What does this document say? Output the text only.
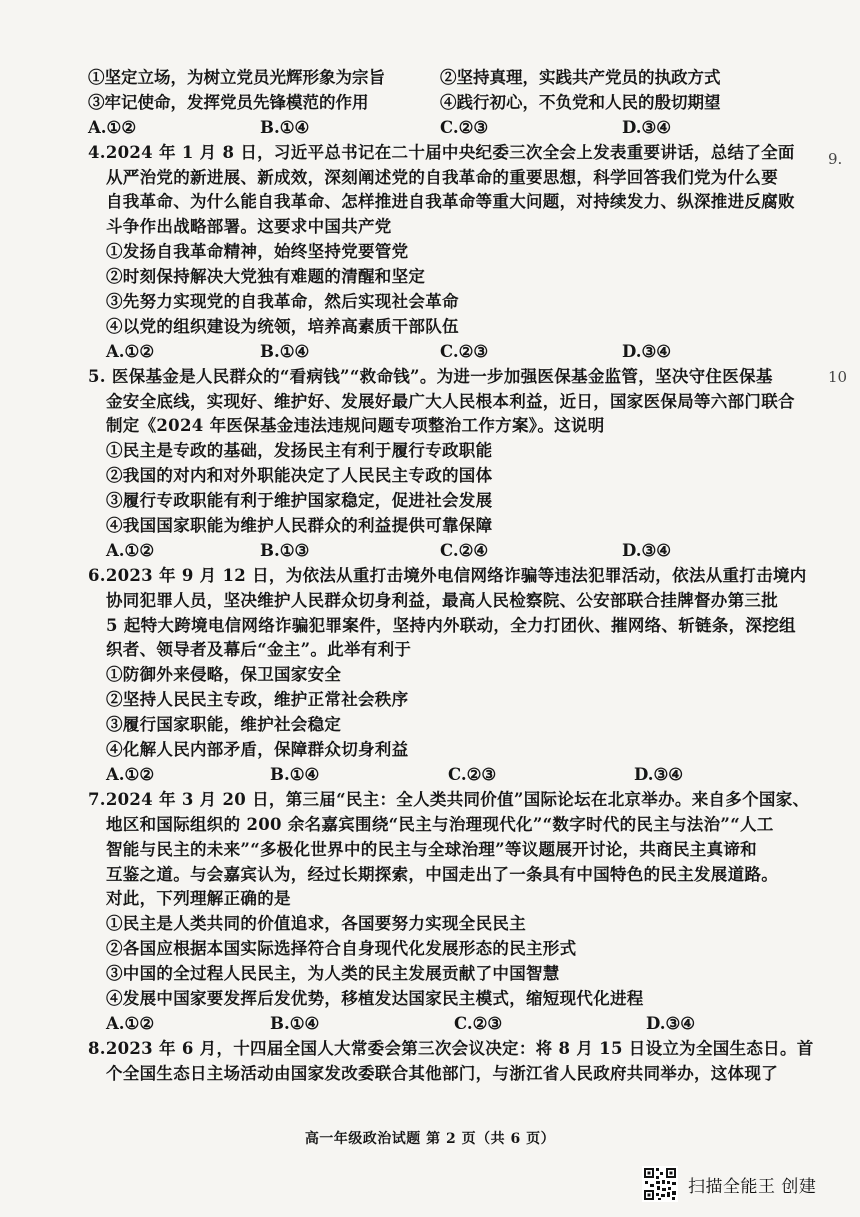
①坚定立场，为树立党员光辉形象为宗旨	②坚持真理，实践共产党员的执政方式
③牢记使命，发挥党员先锋模范的作用	④践行初心，不负党和人民的殷切期望
A.①②	B.①④	C.②③	D.③④
4.2024 年 1 月 8 日，习近平总书记在二十届中央纪委三次全会上发表重要讲话，总结了全面
从严治党的新进展、新成效，深刻阐述党的自我革命的重要思想，科学回答我们党为什么要
自我革命、为什么能自我革命、怎样推进自我革命等重大问题，对持续发力、纵深推进反腐败
斗争作出战略部署。这要求中国共产党
①发扬自我革命精神，始终坚持党要管党
②时刻保持解决大党独有难题的清醒和坚定
③先努力实现党的自我革命，然后实现社会革命
④以党的组织建设为统领，培养高素质干部队伍
A.①②	B.①④	C.②③	D.③④
5. 医保基金是人民群众的“看病钱”“救命钱”。为进一步加强医保基金监管，坚决守住医保基
金安全底线，实现好、维护好、发展好最广大人民根本利益，近日，国家医保局等六部门联合
制定《2024 年医保基金违法违规问题专项整治工作方案》。这说明
①民主是专政的基础，发扬民主有利于履行专政职能
②我国的对内和对外职能决定了人民民主专政的国体
③履行专政职能有利于维护国家稳定，促进社会发展
④我国国家职能为维护人民群众的利益提供可靠保障
A.①②	B.①③	C.②④	D.③④
6.2023 年 9 月 12 日，为依法从重打击境外电信网络诈骗等违法犯罪活动，依法从重打击境内
协同犯罪人员，坚决维护人民群众切身利益，最高人民检察院、公安部联合挂牌督办第三批
5 起特大跨境电信网络诈骗犯罪案件，坚持内外联动，全力打团伙、摧网络、斩链条，深挖组
织者、领导者及幕后“金主”。此举有利于
①防御外来侵略，保卫国家安全
②坚持人民民主专政，维护正常社会秩序
③履行国家职能，维护社会稳定
④化解人民内部矛盾，保障群众切身利益
A.①②	B.①④	C.②③	D.③④
7.2024 年 3 月 20 日，第三届“民主：全人类共同价值”国际论坛在北京举办。来自多个国家、
地区和国际组织的 200 余名嘉宾围绕“民主与治理现代化”“数字时代的民主与法治”“人工
智能与民主的未来”“多极化世界中的民主与全球治理”等议题展开讨论，共商民主真谛和
互鉴之道。与会嘉宾认为，经过长期探索，中国走出了一条具有中国特色的民主发展道路。
对此，下列理解正确的是
①民主是人类共同的价值追求，各国要努力实现全民民主
②各国应根据本国实际选择符合自身现代化发展形态的民主形式
③中国的全过程人民民主，为人类的民主发展贡献了中国智慧
④发展中国家要发挥后发优势，移植发达国家民主模式，缩短现代化进程
A.①②	B.①④	C.②③	D.③④
8.2023 年 6 月，十四届全国人大常委会第三次会议决定：将 8 月 15 日设立为全国生态日。首
个全国生态日主场活动由国家发改委联合其他部门，与浙江省人民政府共同举办，这体现了
高一年级政治试题 第 2 页（共 6 页）
9.
10
扫描全能王 创建
